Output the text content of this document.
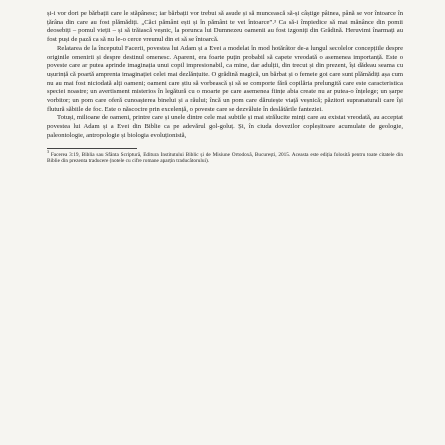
și-i vor dori pe bărbații care le stăpânesc; iar bărbații vor trebui să asude și să muncească să-și câștige pâinea, până se vor întoarce în țărâna din care au fost plămădiți. „Căci pământ ești și în pământ te vei întoarce”.³ Ca să-i împiedice să mai mănânce din pomii deosebiți – pomul vieții – și să trăiască veșnic, la porunca lui Dumnezeu oamenii au fost izgoniți din Grădină. Heruvimi înarmați au fost puși de pază ca să nu le-o cerce vreunul din ei să se întoarcă.

Relatarea de la începutul Facerii, povestea lui Adam și a Evei a modelat în mod hotărâtor de-a lungul secolelor concepțiile despre originile omenirii și despre destinul omenesc. Aparent, era foarte puțin probabil să capete vreodată o asemenea importanță. Este o poveste care ar putea aprinde imaginația unui copil impresionabil, ca mine, dar adulții, din trecut și din prezent, își dădeau seama cu ușurință că poartă amprenta imaginației celei mai dezlănțuite. O grădină magică, un bărbat și o femeie goi care sunt plămădiți așa cum nu au mai fost niciodată alți oameni; oameni care știu să vorbească și să se comporte fără copilăria prelungită care este caracteristica speciei noastre; un avertisment misterios în legătură cu o moarte pe care asemenea ființe abia create nu ar putea-o înțelege; un șarpe vorbitor; un pom care oferă cunoașterea binelui și a răului; încă un pom care dăruiește viață veșnică; păzitori supranaturali care își flutură săbiile de foc. Este o născocire prin excelență, o poveste care se dezvăluie în deslătările fanteziei.

Totuși, milioane de oameni, printre care și unele dintre cele mai subtile și mai strălucite minți care au existat vreodată, au acceptat povestea lui Adam și a Evei din Biblie ca pe adevărul gol-goluț. Și, în ciuda dovezilor copleșitoare acumulate de geologie, paleontologie, antropologie și biologia evoluționistă,

$^3$ Facerea 3:19, Biblia sau Sfânta Scriptură, Editura Institutului Biblic și de Misiune Ortodoxă, București, 2015. Aceasta este ediția folosită pentru toate citatele din Biblie din prezenta traducere (notele cu cifre romane aparțin traducătorului).
